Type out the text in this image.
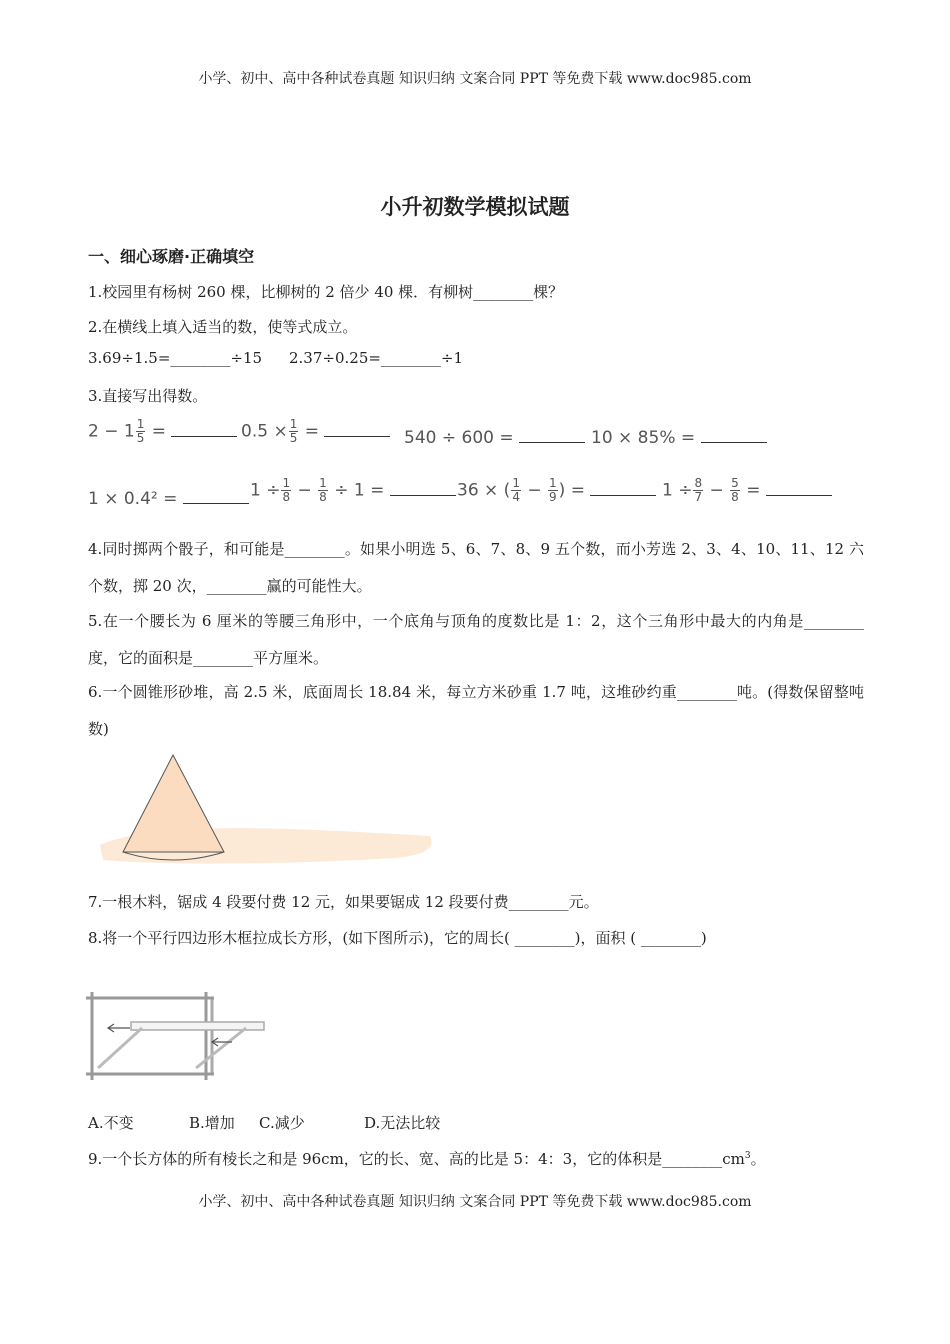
小学、初中、高中各种试卷真题 知识归纳 文案合同 PPT 等免费下载 www.doc985.com
小升初数学模拟试题
一、细心琢磨·正确填空
1.校园里有杨树 260 棵，比柳树的 2 倍少 40 棵．有柳树________棵？
2.在横线上填入适当的数，使等式成立。
3.69÷1.5=________÷15 2.37÷0.25=________÷1
3.直接写出得数。
$2 - 1 \frac{1}{5}$ =	$0.5 \times \frac{1}{5}$ =	540 ÷ 600 =	10 × 85% =
1 × 0.4² =	$1 \div \frac{1}{8} - \frac{1}{8} \div 1$ =	36 × ( $\frac{1}{4} - \frac{1}{9}$ ) =	$1 \div \frac{8}{7} - \frac{5}{8}$ =
4.同时掷两个骰子，和可能是________。如果小明选 5、6、7、8、9 五个数，而小芳选 2、3、4、10、11、12 六个数，掷 20 次，________赢的可能性大。
5.在一个腰长为 6 厘米的等腰三角形中，一个底角与顶角的度数比是 1：2，这个三角形中最大的内角是________度，它的面积是________平方厘米。
6.一个圆锥形砂堆，高 2.5 米，底面周长 18.84 米，每立方米砂重 1.7 吨，这堆砂约重________吨。(得数保留整吨数)
7.一根木料，锯成 4 段要付费 12 元，如果要锯成 12 段要付费________元。
8.将一个平行四边形木框拉成长方形，(如下图所示)，它的周长( ________)，面积 ( ________)
A.不变	B.增加 C.减少	D.无法比较
9.一个长方体的所有棱长之和是 96cm，它的长、宽、高的比是 5：4：3，它的体积是$\_\_\_\_\_\_\_\_cm^3$。
小学、初中、高中各种试卷真题 知识归纳 文案合同 PPT 等免费下载 www.doc985.com
